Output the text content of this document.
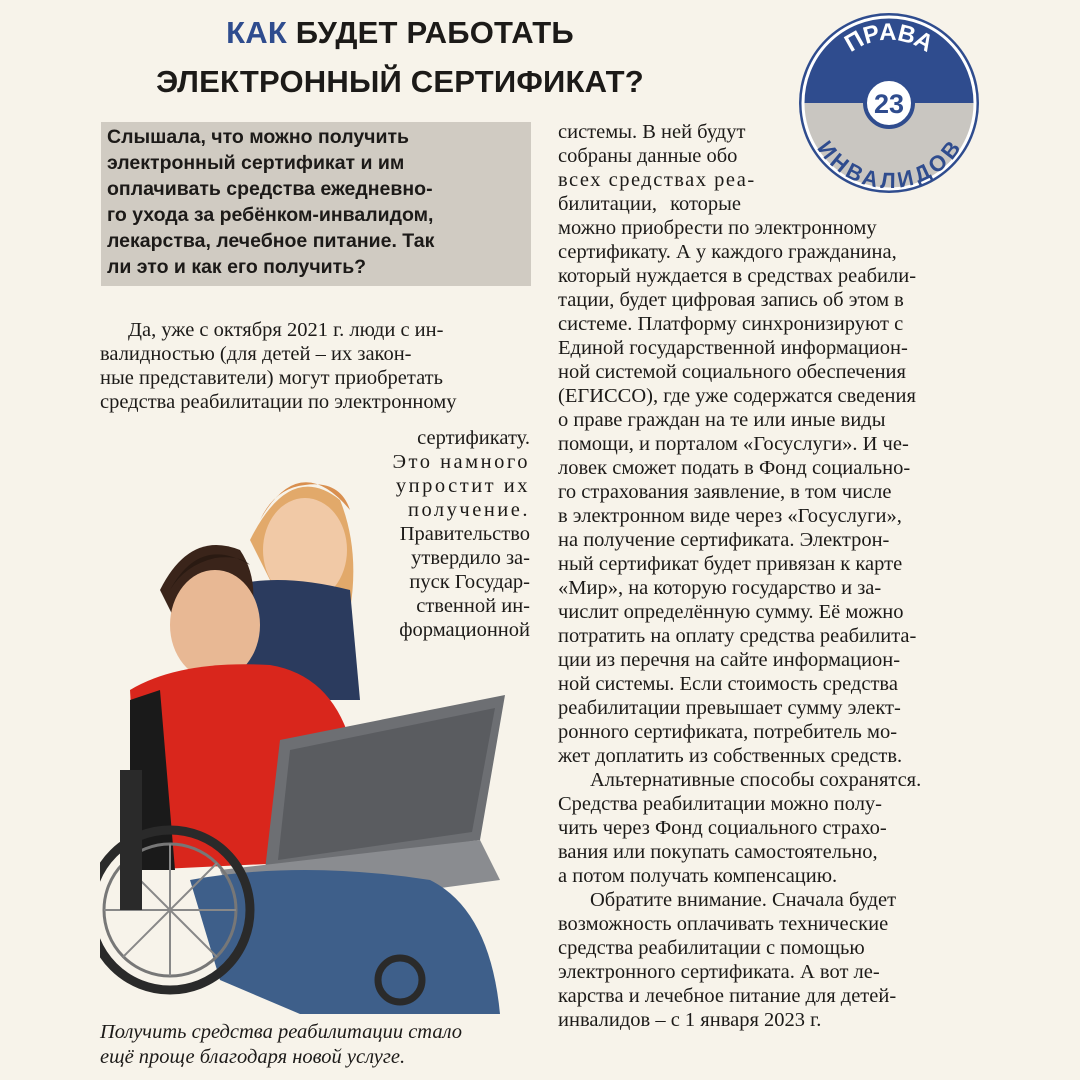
КАК БУДЕТ РАБОТАТЬ
ЭЛЕКТРОННЫЙ СЕРТИФИКАТ?
ПРАВА
23
ИНВАЛИДОВ
Слышала, что можно получить
электронный сертификат и им
оплачивать средства ежедневно-
го ухода за ребёнком-инвалидом,
лекарства, лечебное питание. Так
ли это и как его получить?
Да, уже с октября 2021 г. люди с ин-
валидностью (для детей – их закон-
ные представители) могут приобретать
средства реабилитации по электронному
сертификату.
Это намного
упростит их
получение.
Правительство
утвердило за-
пуск Государ-
ственной ин-
формационной
системы. В ней будут
собраны данные обо
всех средствах реа-
билитации, которые
можно приобрести по электронному
сертификату. А у каждого гражданина,
который нуждается в средствах реабили-
тации, будет цифровая запись об этом в
системе. Платформу синхронизируют с
Единой государственной информацион-
ной системой социального обеспечения
(ЕГИССО), где уже содержатся сведения
о праве граждан на те или иные виды
помощи, и порталом «Госуслуги». И че-
ловек сможет подать в Фонд социально-
го страхования заявление, в том числе
в электронном виде через «Госуслуги»,
на получение сертификата. Электрон-
ный сертификат будет привязан к карте
«Мир», на которую государство и за-
числит определённую сумму. Её можно
потратить на оплату средства реабилита-
ции из перечня на сайте информацион-
ной системы. Если стоимость средства
реабилитации превышает сумму элект-
ронного сертификата, потребитель мо-
жет доплатить из собственных средств.
Альтернативные способы сохранятся.
Средства реабилитации можно полу-
чить через Фонд социального страхо-
вания или покупать самостоятельно,
а потом получать компенсацию.
Обратите внимание. Сначала будет
возможность оплачивать технические
средства реабилитации с помощью
электронного сертификата. А вот ле-
карства и лечебное питание для детей-
инвалидов – с 1 января 2023 г.
Получить средства реабилитации стало
ещё проще благодаря новой услуге.
